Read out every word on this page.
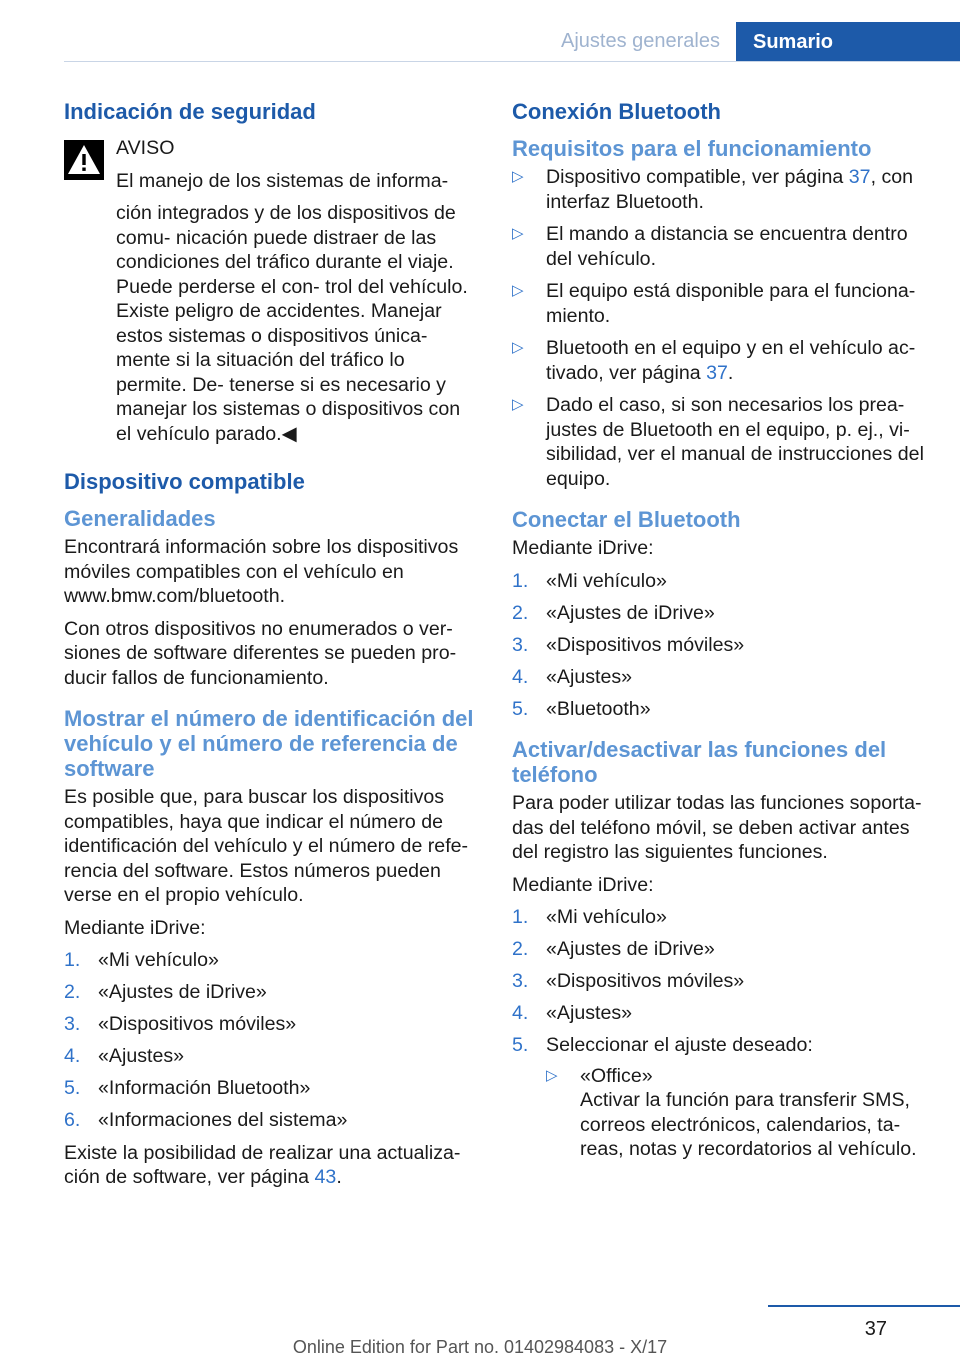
Ajustes generales	Sumario
Indicación de seguridad

AVISO

El manejo de los sistemas de informa‐

ción integrados y de los dispositivos de comu‐ nicación puede distraer de las condiciones del tráfico durante el viaje. Puede perderse el con‐ trol del vehículo. Existe peligro de accidentes. Manejar estos sistemas o dispositivos única‐ mente si la situación del tráfico lo permite. De‐ tenerse si es necesario y manejar los sistemas o dispositivos con el vehículo parado.◀

Dispositivo compatible
Generalidades

Encontrará información sobre los dispositivos móviles compatibles con el vehículo en www.bmw.com/bluetooth.

Con otros dispositivos no enumerados o ver‐ siones de software diferentes se pueden pro‐ ducir fallos de funcionamiento.

Mostrar el número de identificación del vehículo y el número de referencia de software

Es posible que, para buscar los dispositivos compatibles, haya que indicar el número de identificación del vehículo y el número de refe‐ rencia del software. Estos números pueden verse en el propio vehículo.

Mediante iDrive:

1. «Mi vehículo»
2. «Ajustes de iDrive»
3. «Dispositivos móviles»
4. «Ajustes»
5. «Información Bluetooth»
6. «Informaciones del sistema»

Existe la posibilidad de realizar una actualiza‐ ción de software, ver página 43.

Conexión Bluetooth
Requisitos para el funcionamiento
▷ Dispositivo compatible, ver página 37, con interfaz Bluetooth.
▷ El mando a distancia se encuentra dentro del vehículo.
▷ El equipo está disponible para el funciona‐ miento.
▷ Bluetooth en el equipo y en el vehículo ac‐ tivado, ver página 37.
▷ Dado el caso, si son necesarios los prea‐ justes de Bluetooth en el equipo, p. ej., vi‐ sibilidad, ver el manual de instrucciones del equipo.
Conectar el Bluetooth

Mediante iDrive:

1. «Mi vehículo»
2. «Ajustes de iDrive»
3. «Dispositivos móviles»
4. «Ajustes»
5. «Bluetooth»
Activar/desactivar las funciones del teléfono

Para poder utilizar todas las funciones soporta‐ das del teléfono móvil, se deben activar antes del registro las siguientes funciones.

Mediante iDrive:

1. «Mi vehículo»
2. «Ajustes de iDrive»
3. «Dispositivos móviles»
4. «Ajustes»
5. Seleccionar el ajuste deseado:
▷ «Office»
Activar la función para transferir SMS, correos electrónicos, calendarios, ta‐ reas, notas y recordatorios al vehículo.
37
Online Edition for Part no. 01402984083 - X/17
